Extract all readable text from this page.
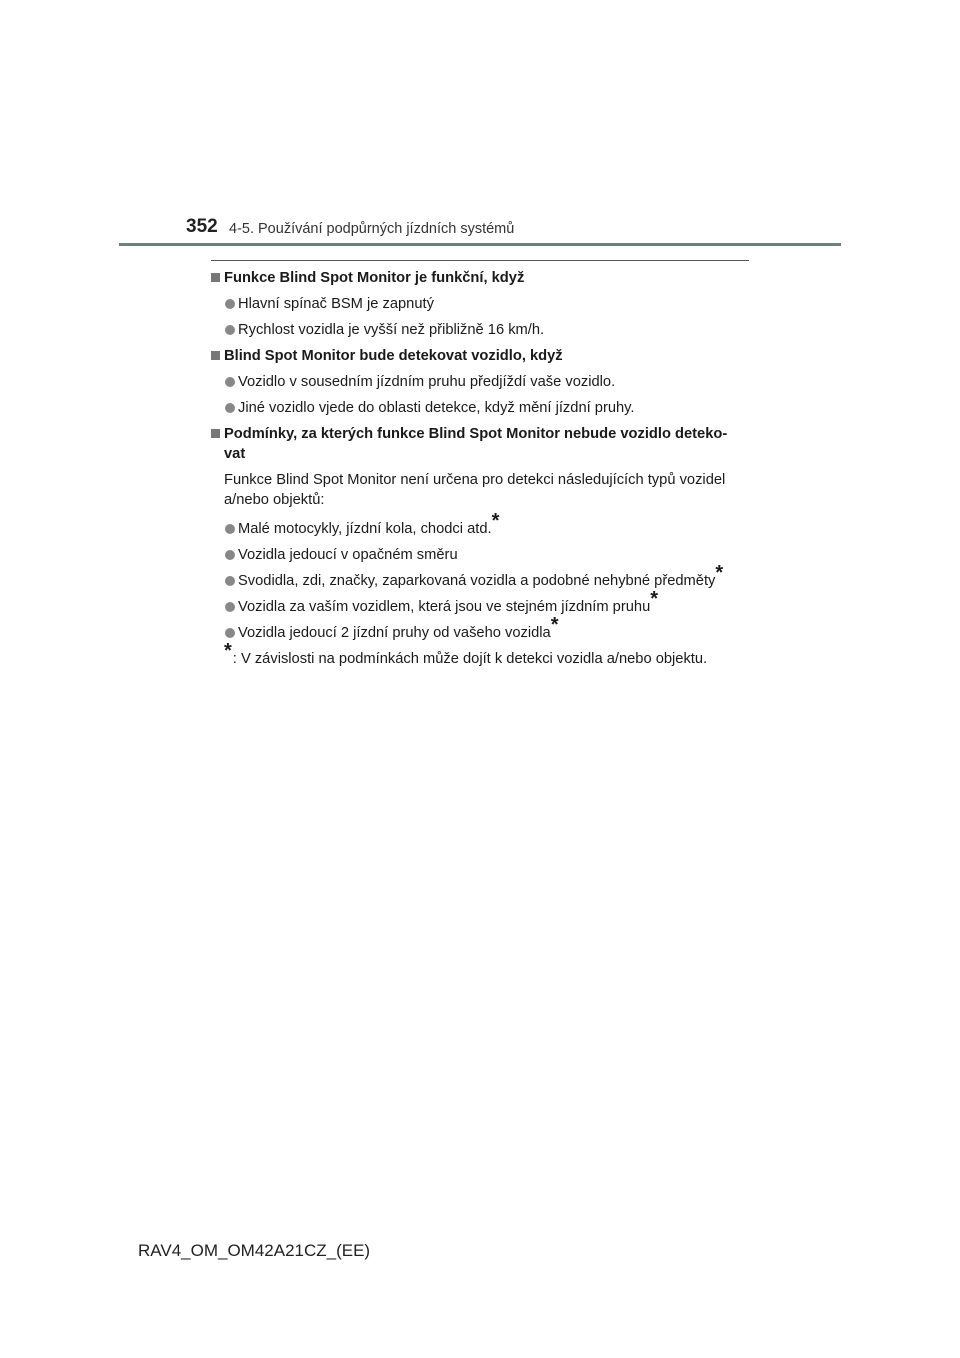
352 4-5. Používání podpůrných jízdních systémů
Funkce Blind Spot Monitor je funkční, když
Hlavní spínač BSM je zapnutý
Rychlost vozidla je vyšší než přibližně 16 km/h.
Blind Spot Monitor bude detekovat vozidlo, když
Vozidlo v sousedním jízdním pruhu předjíždí vaše vozidlo.
Jiné vozidlo vjede do oblasti detekce, když mění jízdní pruhy.
Podmínky, za kterých funkce Blind Spot Monitor nebude vozidlo deteko-
vat
Funkce Blind Spot Monitor není určena pro detekci následujících typů vozidel
a/nebo objektů:
Malé motocykly, jízdní kola, chodci atd.*
Vozidla jedoucí v opačném směru
Svodidla, zdi, značky, zaparkovaná vozidla a podobné nehybné předměty*
Vozidla za vaším vozidlem, která jsou ve stejném jízdním pruhu*
Vozidla jedoucí 2 jízdní pruhy od vašeho vozidla*
*: V závislosti na podmínkách může dojít k detekci vozidla a/nebo objektu.
RAV4_OM_OM42A21CZ_(EE)
